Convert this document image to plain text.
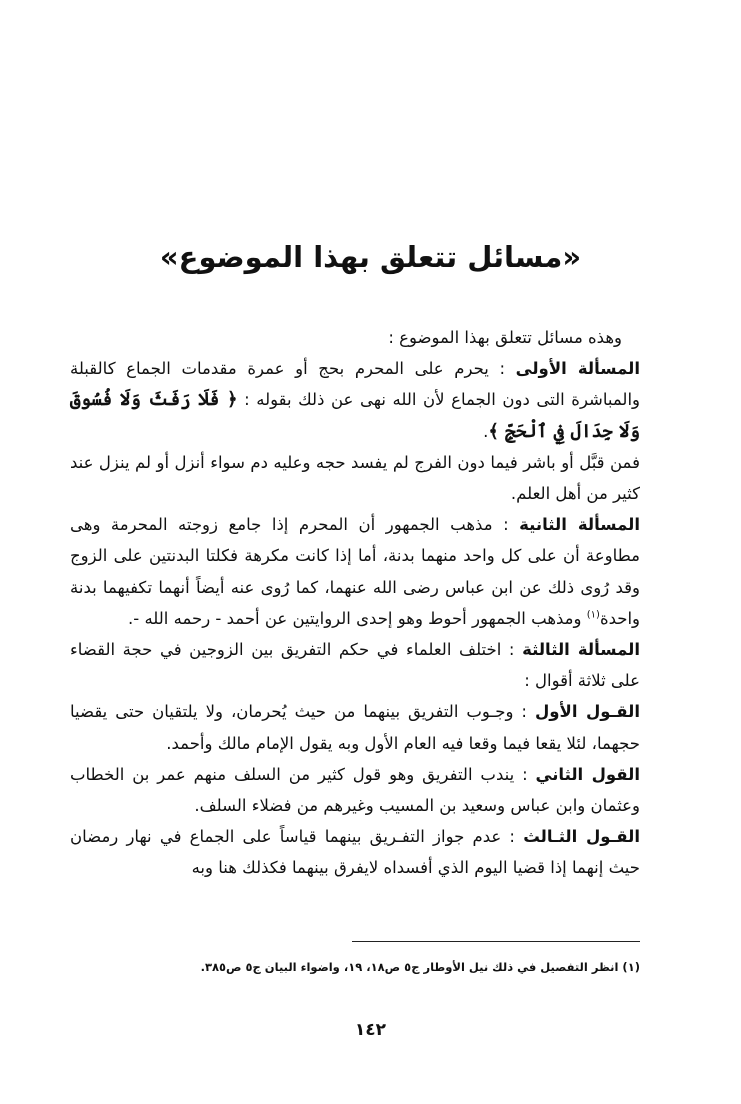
«مسائل تتعلق بهذا الموضوع»

وهذه مسائل تتعلق بهذا الموضوع :

المسألة الأولى : يحرم على المحرم بحج أو عمرة مقدمات الجماع كالقبلة والمباشرة التى دون الجماع لأن الله نهى عن ذلك بقوله : ﴿ فَلَا رَفَثَ وَلَا فُسُوقَ وَلَا جِدَالَ فِي ٱلْحَجِّ ﴾.

فمن قبَّل أو باشر فيما دون الفرج لم يفسد حجه وعليه دم سواء أنزل أو لم ينزل عند كثير من أهل العلم.

المسألة الثانية : مذهب الجمهور أن المحرم إذا جامع زوجته المحرمة وهى مطاوعة أن على كل واحد منهما بدنة، أما إذا كانت مكرهة فكلتا البدنتين على الزوج وقد رُوى ذلك عن ابن عباس رضى الله عنهما، كما رُوى عنه أيضاً أنهما تكفيهما بدنة واحدة$^{(١)}$ ومذهب الجمهور أحوط وهو إحدى الروايتين عن أحمد - رحمه الله -.

المسألة الثالثة : اختلف العلماء في حكم التفريق بين الزوجين في حجة القضاء على ثلاثة أقوال :

القـول الأول : وجـوب التفريق بينهما من حيث يُحرمان، ولا يلتقيان حتى يقضيا حجهما، لئلا يقعا فيما وقعا فيه العام الأول وبه يقول الإمام مالك وأحمد.

القول الثاني : يندب التفريق وهو قول كثير من السلف منهم عمر بن الخطاب وعثمان وابن عباس وسعيد بن المسيب وغيرهم من فضلاء السلف.

القـول الثـالث : عدم جواز التفـريق بينهما قياساً على الجماع في نهار رمضان حيث إنهما إذا قضيا اليوم الذي أفسداه لايفرق بينهما فكذلك هنا وبه

(١) انظر التفصيل في ذلك نيل الأوطار ج٥ ص١٨، ١٩، واضواء البيان ج٥ ص٣٨٥.
١٤٢
